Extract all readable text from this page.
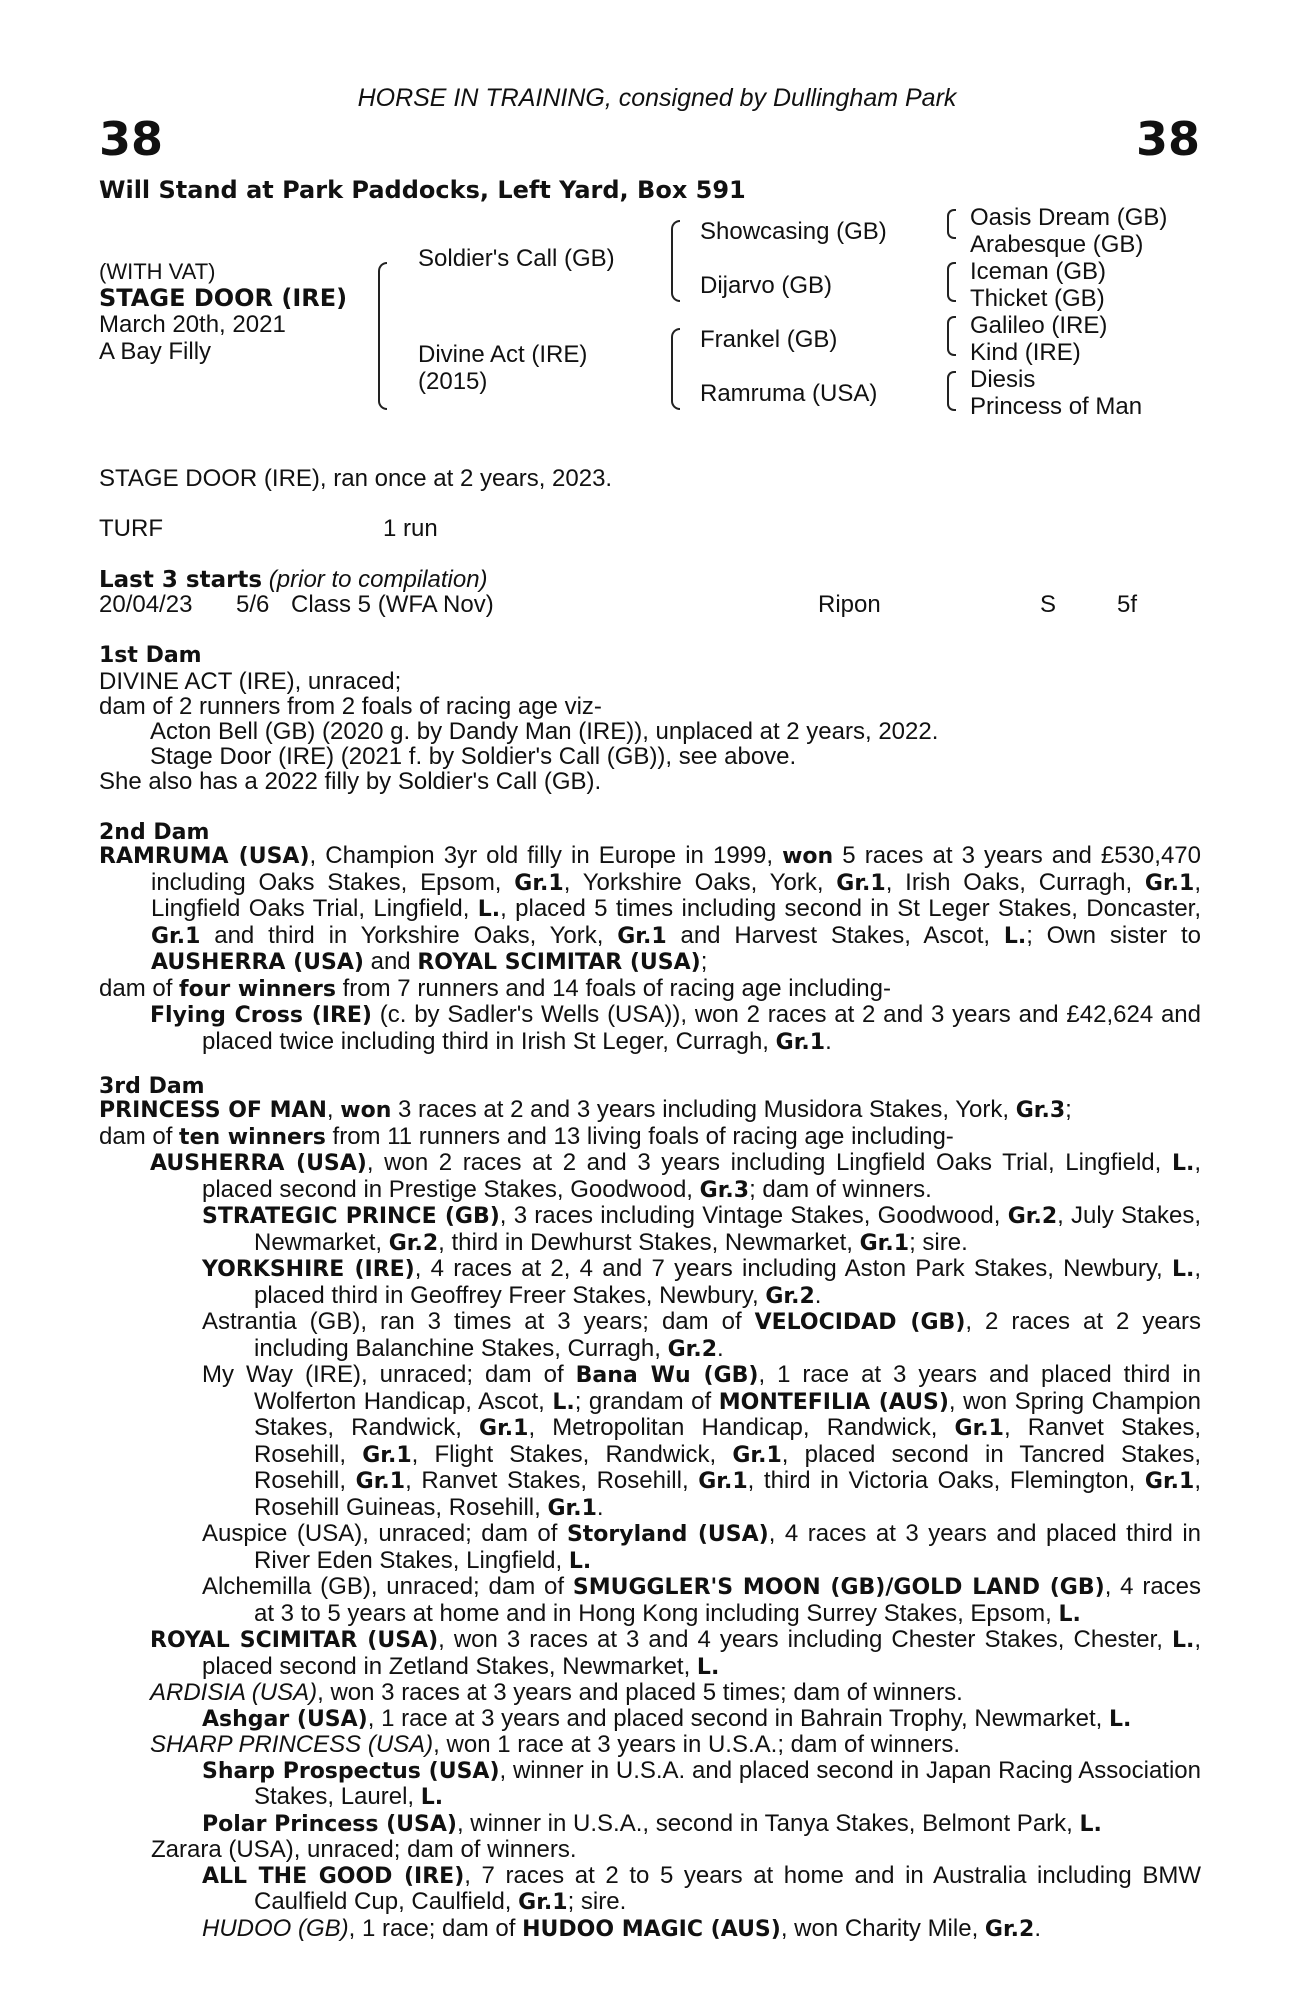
HORSE IN TRAINING, consigned by Dullingham Park
38	38
Will Stand at Park Paddocks, Left Yard, Box 591
(WITH VAT)
STAGE DOOR (IRE)
March 20th, 2021
A Bay Filly
Soldier's Call (GB)
Divine Act (IRE)
(2015)
Showcasing (GB)
Dijarvo (GB)
Frankel (GB)
Ramruma (USA)
Oasis Dream (GB)
Arabesque (GB)
Iceman (GB)
Thicket (GB)
Galileo (IRE)
Kind (IRE)
Diesis
Princess of Man
STAGE DOOR (IRE), ran once at 2 years, 2023.
TURF	1 run
Last 3 starts (prior to compilation)
20/04/23 5/6 Class 5 (WFA Nov)	Ripon	S	5f
1st Dam
DIVINE ACT (IRE), unraced;
dam of 2 runners from 2 foals of racing age viz-
Acton Bell (GB) (2020 g. by Dandy Man (IRE)), unplaced at 2 years, 2022.
Stage Door (IRE) (2021 f. by Soldier's Call (GB)), see above.
She also has a 2022 filly by Soldier's Call (GB).
2nd Dam
RAMRUMA (USA), Champion 3yr old filly in Europe in 1999, won 5 races at 3 years and £530,470 including Oaks Stakes, Epsom, Gr.1, Yorkshire Oaks, York, Gr.1, Irish Oaks, Curragh, Gr.1, Lingfield Oaks Trial, Lingfield, L., placed 5 times including second in St Leger Stakes, Doncaster, Gr.1 and third in Yorkshire Oaks, York, Gr.1 and Harvest Stakes, Ascot, L.; Own sister to AUSHERRA (USA) and ROYAL SCIMITAR (USA);
dam of four winners from 7 runners and 14 foals of racing age including-
Flying Cross (IRE) (c. by Sadler's Wells (USA)), won 2 races at 2 and 3 years and £42,624 and placed twice including third in Irish St Leger, Curragh, Gr.1.
3rd Dam
PRINCESS OF MAN, won 3 races at 2 and 3 years including Musidora Stakes, York, Gr.3;
dam of ten winners from 11 runners and 13 living foals of racing age including-
AUSHERRA (USA), won 2 races at 2 and 3 years including Lingfield Oaks Trial, Lingfield, L., placed second in Prestige Stakes, Goodwood, Gr.3; dam of winners.
STRATEGIC PRINCE (GB), 3 races including Vintage Stakes, Goodwood, Gr.2, July Stakes, Newmarket, Gr.2, third in Dewhurst Stakes, Newmarket, Gr.1; sire.
YORKSHIRE (IRE), 4 races at 2, 4 and 7 years including Aston Park Stakes, Newbury, L., placed third in Geoffrey Freer Stakes, Newbury, Gr.2.
Astrantia (GB), ran 3 times at 3 years; dam of VELOCIDAD (GB), 2 races at 2 years including Balanchine Stakes, Curragh, Gr.2.
My Way (IRE), unraced; dam of Bana Wu (GB), 1 race at 3 years and placed third in Wolferton Handicap, Ascot, L.; grandam of MONTEFILIA (AUS), won Spring Champion Stakes, Randwick, Gr.1, Metropolitan Handicap, Randwick, Gr.1, Ranvet Stakes, Rosehill, Gr.1, Flight Stakes, Randwick, Gr.1, placed second in Tancred Stakes, Rosehill, Gr.1, Ranvet Stakes, Rosehill, Gr.1, third in Victoria Oaks, Flemington, Gr.1, Rosehill Guineas, Rosehill, Gr.1.
Auspice (USA), unraced; dam of Storyland (USA), 4 races at 3 years and placed third in River Eden Stakes, Lingfield, L.
Alchemilla (GB), unraced; dam of SMUGGLER'S MOON (GB)/GOLD LAND (GB), 4 races at 3 to 5 years at home and in Hong Kong including Surrey Stakes, Epsom, L.
ROYAL SCIMITAR (USA), won 3 races at 3 and 4 years including Chester Stakes, Chester, L., placed second in Zetland Stakes, Newmarket, L.
ARDISIA (USA), won 3 races at 3 years and placed 5 times; dam of winners.
Ashgar (USA), 1 race at 3 years and placed second in Bahrain Trophy, Newmarket, L.
SHARP PRINCESS (USA), won 1 race at 3 years in U.S.A.; dam of winners.
Sharp Prospectus (USA), winner in U.S.A. and placed second in Japan Racing Association Stakes, Laurel, L.
Polar Princess (USA), winner in U.S.A., second in Tanya Stakes, Belmont Park, L.
Zarara (USA), unraced; dam of winners.
ALL THE GOOD (IRE), 7 races at 2 to 5 years at home and in Australia including BMW Caulfield Cup, Caulfield, Gr.1; sire.
HUDOO (GB), 1 race; dam of HUDOO MAGIC (AUS), won Charity Mile, Gr.2.
